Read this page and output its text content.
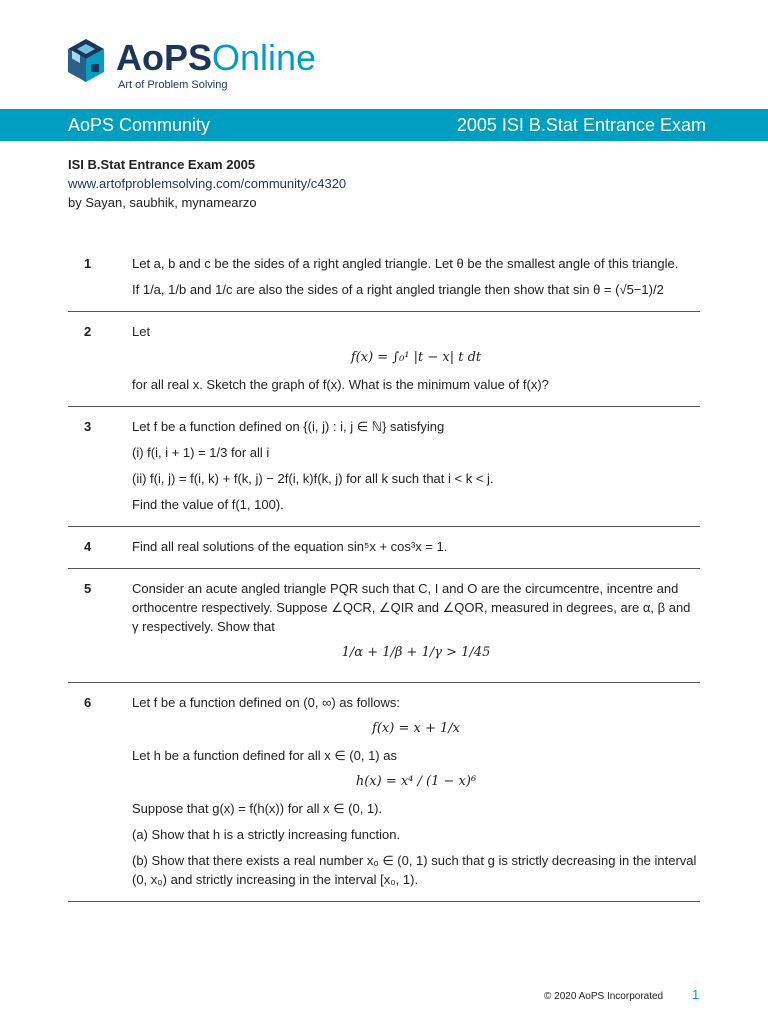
AoPSOnline
Art of Problem Solving
AoPS Community	2005 ISI B.Stat Entrance Exam
ISI B.Stat Entrance Exam 2005
www.artofproblemsolving.com/community/c4320
by Sayan, saubhik, mynamearzo
1	Let a, b and c be the sides of a right angled triangle. Let θ be the smallest angle of this triangle.

If 1/a, 1/b and 1/c are also the sides of a right angled triangle then show that sin θ = (√5−1)/2

2	Let

f(x) = ∫₀¹ |t − x| t dt

for all real x. Sketch the graph of f(x). What is the minimum value of f(x)?

3	Let f be a function defined on {(i, j) : i, j ∈ ℕ} satisfying

(i) f(i, i + 1) = 1/3 for all i

(ii) f(i, j) = f(i, k) + f(k, j) − 2f(i, k)f(k, j) for all k such that i < k < j.

Find the value of f(1, 100).

4	Find all real solutions of the equation sin⁵x + cos³x = 1.

5	Consider an acute angled triangle PQR such that C, I and O are the circumcentre, incentre and orthocentre respectively. Suppose ∠QCR, ∠QIR and ∠QOR, measured in degrees, are α, β and γ respectively. Show that

1/α + 1/β + 1/γ > 1/45
6	Let f be a function defined on (0, ∞) as follows:

f(x) = x + 1/x

Let h be a function defined for all x ∈ (0, 1) as

h(x) = x⁴ / (1 − x)⁶

Suppose that g(x) = f(h(x)) for all x ∈ (0, 1).

(a) Show that h is a strictly increasing function.

(b) Show that there exists a real number x₀ ∈ (0, 1) such that g is strictly decreasing in the interval (0, x₀) and strictly increasing in the interval [x₀, 1).

© 2020 AoPS Incorporated 1
